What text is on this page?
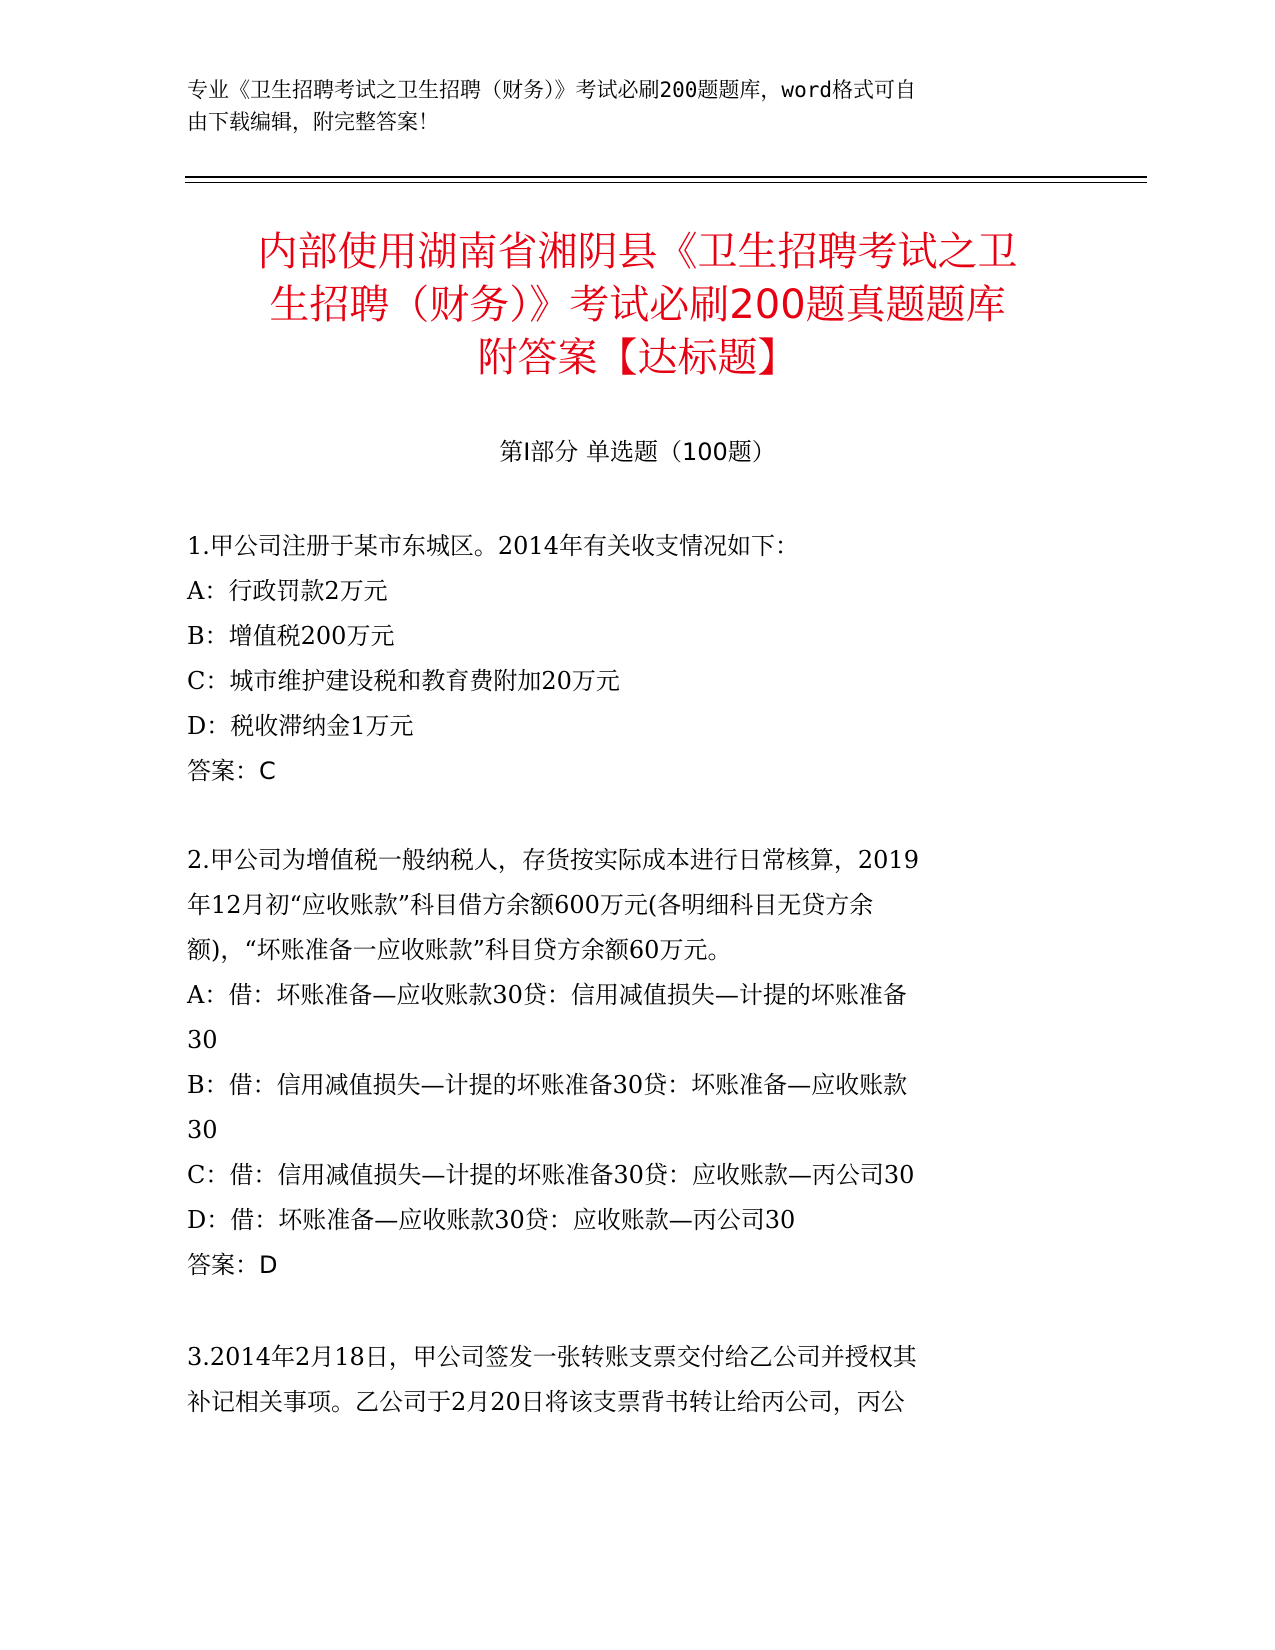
专业《卫生招聘考试之卫生招聘（财务）》考试必刷200题题库，word格式可自
由下载编辑，附完整答案！
内部使用湖南省湘阴县《卫生招聘考试之卫
生招聘（财务）》考试必刷200题真题题库
附答案【达标题】
第Ⅰ部分 单选题（100题）
1.甲公司注册于某市东城区。2014年有关收支情况如下：
A：行政罚款2万元
B：增值税200万元
C：城市维护建设税和教育费附加20万元
D：税收滞纳金1万元
答案：C
2.甲公司为增值税一般纳税人，存货按实际成本进行日常核算，2019
年12月初“应收账款”科目借方余额600万元(各明细科目无贷方余
额)，“坏账准备一应收账款”科目贷方余额60万元。
A：借：坏账准备—应收账款30贷：信用减值损失—计提的坏账准备
30
B：借：信用减值损失—计提的坏账准备30贷：坏账准备—应收账款
30
C：借：信用减值损失—计提的坏账准备30贷：应收账款—丙公司30
D：借：坏账准备—应收账款30贷：应收账款—丙公司30
答案：D
3.2014年2月18日，甲公司签发一张转账支票交付给乙公司并授权其
补记相关事项。乙公司于2月20日将该支票背书转让给丙公司，丙公
